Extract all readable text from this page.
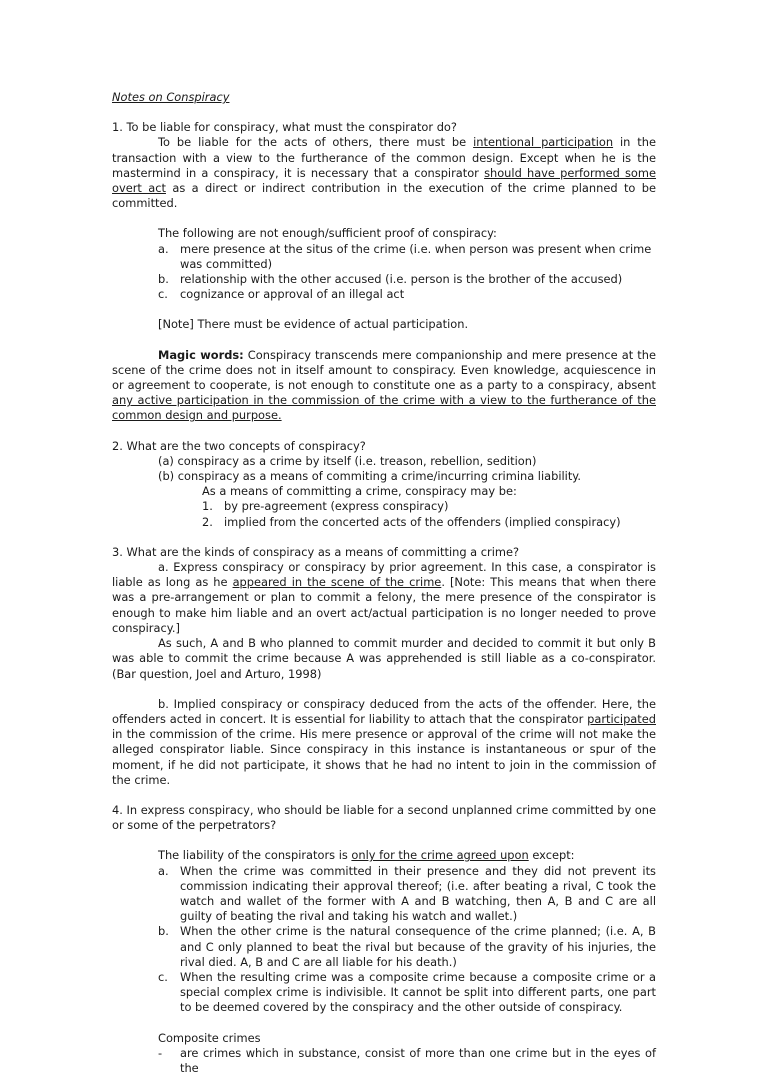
Notes on Conspiracy

1. To be liable for conspiracy, what must the conspirator do?

To be liable for the acts of others, there must be intentional participation in the transaction with a view to the furtherance of the common design. Except when he is the mastermind in a conspiracy, it is necessary that a conspirator should have performed some overt act as a direct or indirect contribution in the execution of the crime planned to be committed.

The following are not enough/sufficient proof of conspiracy:

a. mere presence at the situs of the crime (i.e. when person was present when crime was committed)
b. relationship with the other accused (i.e. person is the brother of the accused)
c.	cognizance or approval of an illegal act

[Note] There must be evidence of actual participation.

Magic words: Conspiracy transcends mere companionship and mere presence at the scene of the crime does not in itself amount to conspiracy. Even knowledge, acquiescence in or agreement to cooperate, is not enough to constitute one as a party to a conspiracy, absent any active participation in the commission of the crime with a view to the furtherance of the common design and purpose.

2. What are the two concepts of conspiracy?

(a) conspiracy as a crime by itself (i.e. treason, rebellion, sedition)

(b) conspiracy as a means of commiting a crime/incurring crimina liability.

As a means of committing a crime, conspiracy may be:

1. by pre-agreement (express conspiracy)
2. implied from the concerted acts of the offenders (implied conspiracy)

3. What are the kinds of conspiracy as a means of committing a crime?

a. Express conspiracy or conspiracy by prior agreement. In this case, a conspirator is liable as long as he appeared in the scene of the crime. [Note: This means that when there was a pre-arrangement or plan to commit a felony, the mere presence of the conspirator is enough to make him liable and an overt act/actual participation is no longer needed to prove conspiracy.]

As such, A and B who planned to commit murder and decided to commit it but only B was able to commit the crime because A was apprehended is still liable as a co-conspirator. (Bar question, Joel and Arturo, 1998)

b. Implied conspiracy or conspiracy deduced from the acts of the offender. Here, the offenders acted in concert. It is essential for liability to attach that the conspirator participated in the commission of the crime. His mere presence or approval of the crime will not make the alleged conspirator liable. Since conspiracy in this instance is instantaneous or spur of the moment, if he did not participate, it shows that he had no intent to join in the commission of the crime.

4. In express conspiracy, who should be liable for a second unplanned crime committed by one or some of the perpetrators?

The liability of the conspirators is only for the crime agreed upon except:

a. When the crime was committed in their presence and they did not prevent its commission indicating their approval thereof; (i.e. after beating a rival, C took the watch and wallet of the former with A and B watching, then A, B and C are all guilty of beating the rival and taking his watch and wallet.)
b. When the other crime is the natural consequence of the crime planned; (i.e. A, B and C only planned to beat the rival but because of the gravity of his injuries, the rival died. A, B and C are all liable for his death.)
c.	When the resulting crime was a composite crime because a composite crime or a special complex crime is indivisible. It cannot be split into different parts, one part to be deemed covered by the conspiracy and the other outside of conspiracy.

Composite crimes

-	are crimes which in substance, consist of more than one crime but in the eyes of the
